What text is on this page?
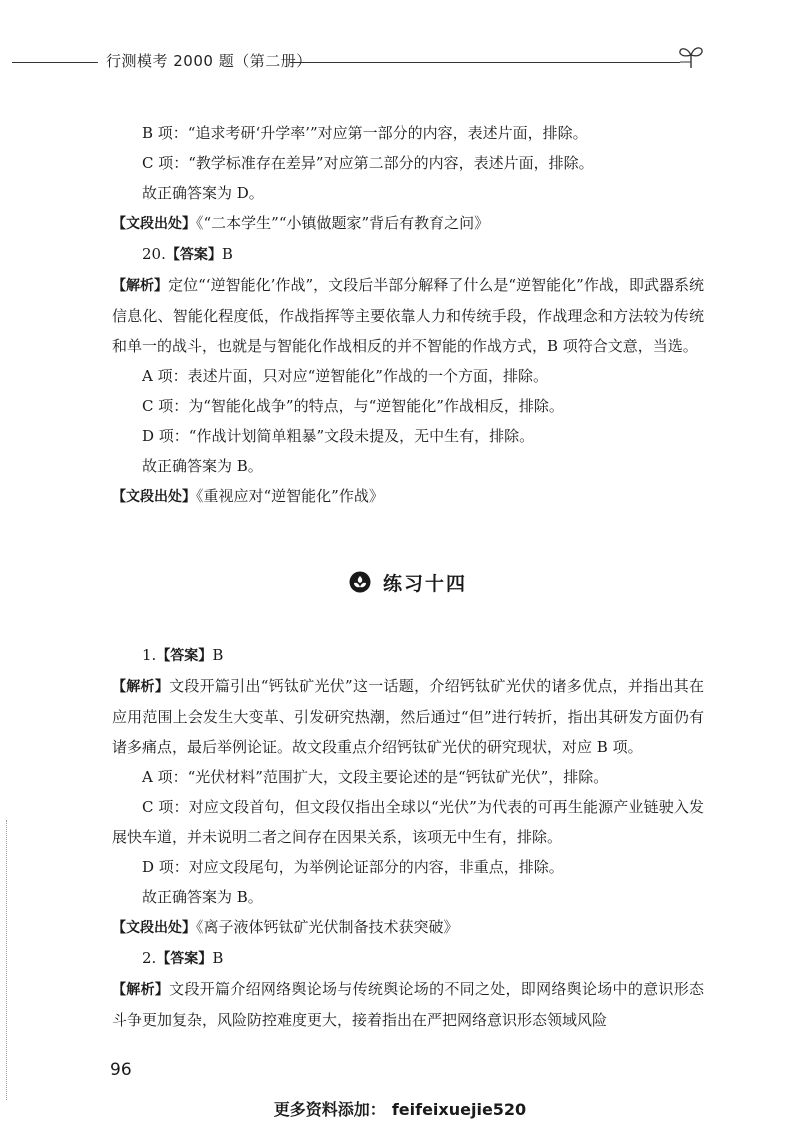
行测模考 2000 题（第二册）

B 项：“追求考研‘升学率’”对应第一部分的内容，表述片面，排除。

C 项：“教学标准存在差异”对应第二部分的内容，表述片面，排除。

故正确答案为 D。

【文段出处】《“二本学生”“小镇做题家”背后有教育之问》

20.【答案】B

【解析】定位“‘逆智能化’作战”，文段后半部分解释了什么是“逆智能化”作战，即武器系统信息化、智能化程度低，作战指挥等主要依靠人力和传统手段，作战理念和方法较为传统和单一的战斗，也就是与智能化作战相反的并不智能的作战方式，B 项符合文意，当选。

A 项：表述片面，只对应“逆智能化”作战的一个方面，排除。

C 项：为“智能化战争”的特点，与“逆智能化”作战相反，排除。

D 项：“作战计划简单粗暴”文段未提及，无中生有，排除。

故正确答案为 B。

【文段出处】《重视应对“逆智能化”作战》

练习十四

1.【答案】B

【解析】文段开篇引出“钙钛矿光伏”这一话题，介绍钙钛矿光伏的诸多优点，并指出其在应用范围上会发生大变革、引发研究热潮，然后通过“但”进行转折，指出其研发方面仍有诸多痛点，最后举例论证。故文段重点介绍钙钛矿光伏的研究现状，对应 B 项。

A 项：“光伏材料”范围扩大，文段主要论述的是“钙钛矿光伏”，排除。

C 项：对应文段首句，但文段仅指出全球以“光伏”为代表的可再生能源产业链驶入发展快车道，并未说明二者之间存在因果关系，该项无中生有，排除。

D 项：对应文段尾句，为举例论证部分的内容，非重点，排除。

故正确答案为 B。

【文段出处】《离子液体钙钛矿光伏制备技术获突破》

2.【答案】B

【解析】文段开篇介绍网络舆论场与传统舆论场的不同之处，即网络舆论场中的意识形态斗争更加复杂，风险防控难度更大，接着指出在严把网络意识形态领域风险

96
更多资料添加： feifeixuejie520
